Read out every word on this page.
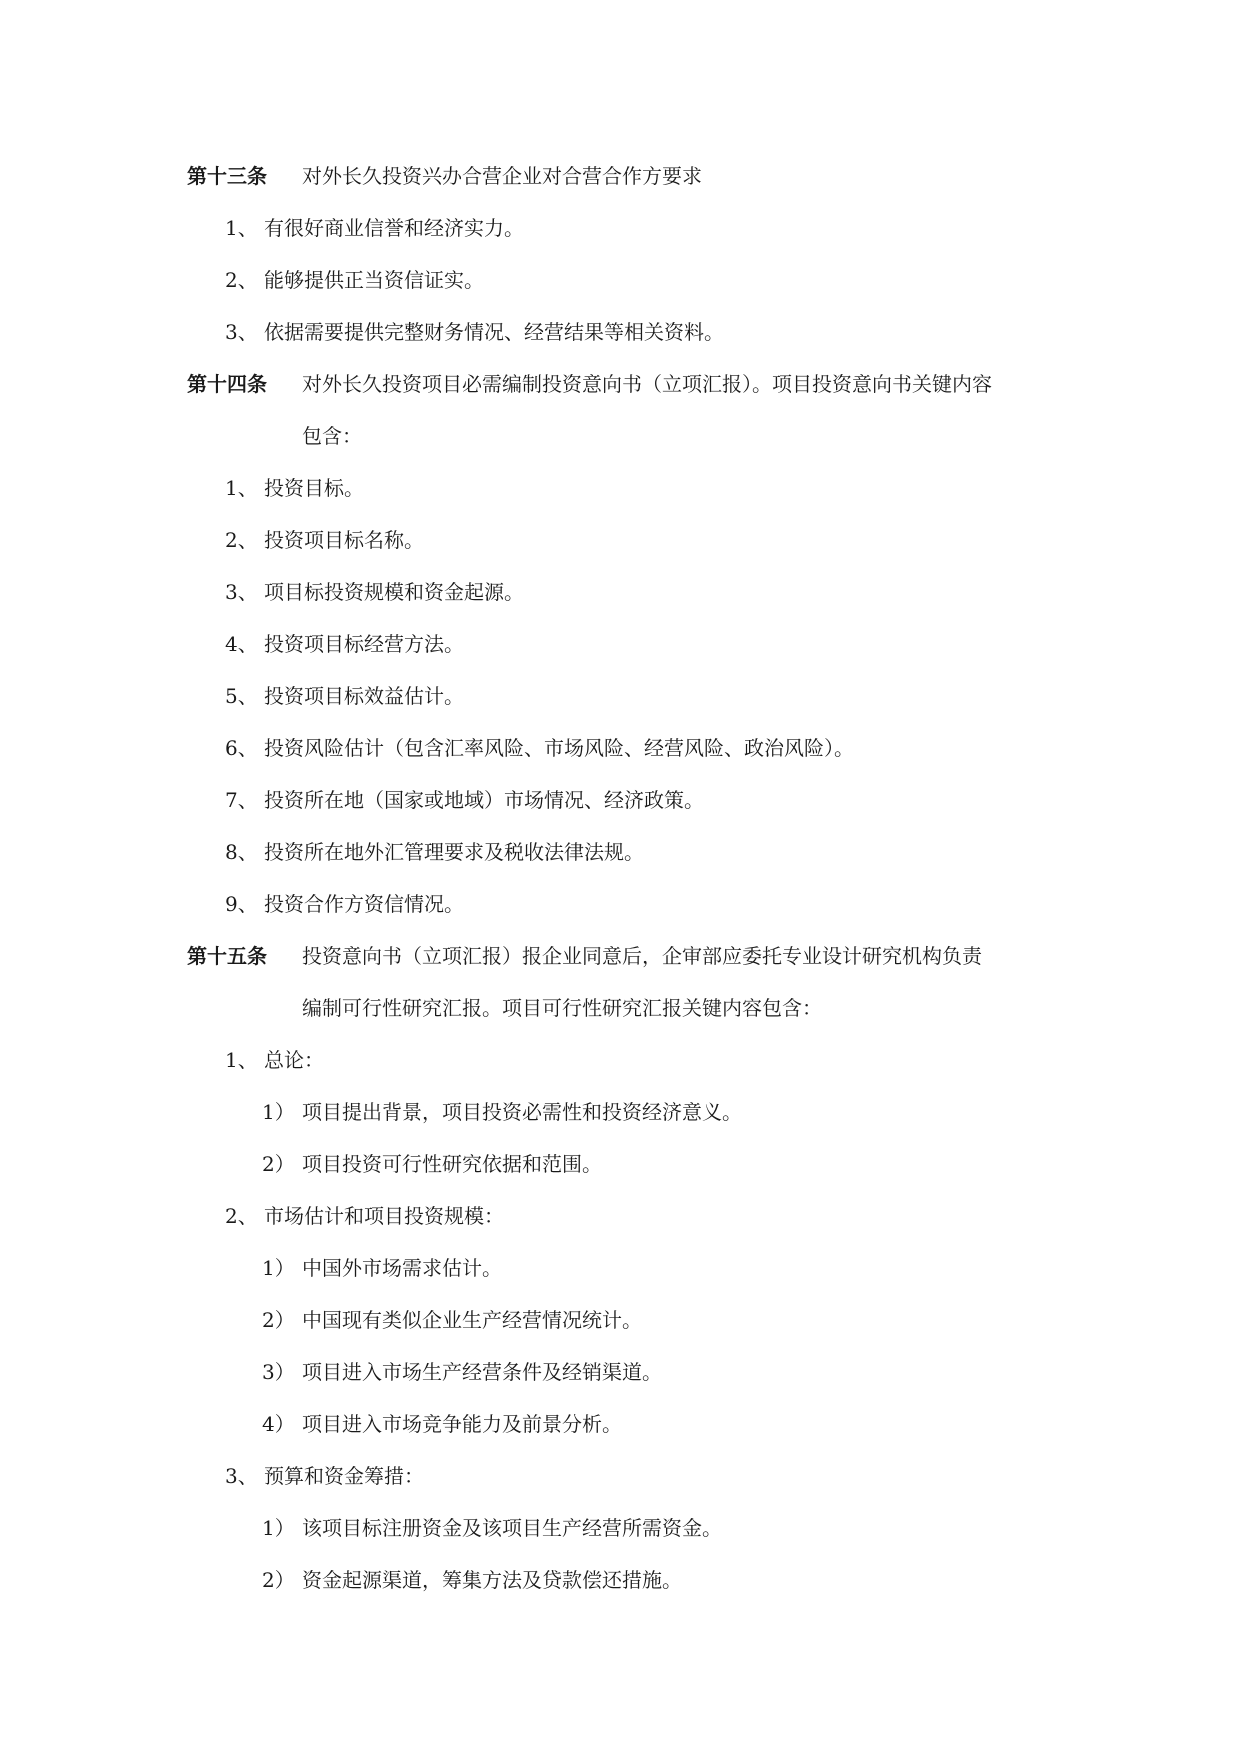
第十三条 对外长久投资兴办合营企业对合营合作方要求
1、 有很好商业信誉和经济实力。
2、 能够提供正当资信证实。
3、 依据需要提供完整财务情况、经营结果等相关资料。
第十四条 对外长久投资项目必需编制投资意向书（立项汇报）。项目投资意向书关键内容
包含：
1、 投资目标。
2、 投资项目标名称。
3、 项目标投资规模和资金起源。
4、 投资项目标经营方法。
5、 投资项目标效益估计。
6、 投资风险估计（包含汇率风险、市场风险、经营风险、政治风险）。
7、 投资所在地（国家或地域）市场情况、经济政策。
8、 投资所在地外汇管理要求及税收法律法规。
9、 投资合作方资信情况。
第十五条 投资意向书（立项汇报）报企业同意后，企审部应委托专业设计研究机构负责
编制可行性研究汇报。项目可行性研究汇报关键内容包含：
1、 总论：
1） 项目提出背景，项目投资必需性和投资经济意义。
2） 项目投资可行性研究依据和范围。
2、 市场估计和项目投资规模：
1） 中国外市场需求估计。
2） 中国现有类似企业生产经营情况统计。
3） 项目进入市场生产经营条件及经销渠道。
4） 项目进入市场竞争能力及前景分析。
3、 预算和资金筹措：
1） 该项目标注册资金及该项目生产经营所需资金。
2） 资金起源渠道，筹集方法及贷款偿还措施。
